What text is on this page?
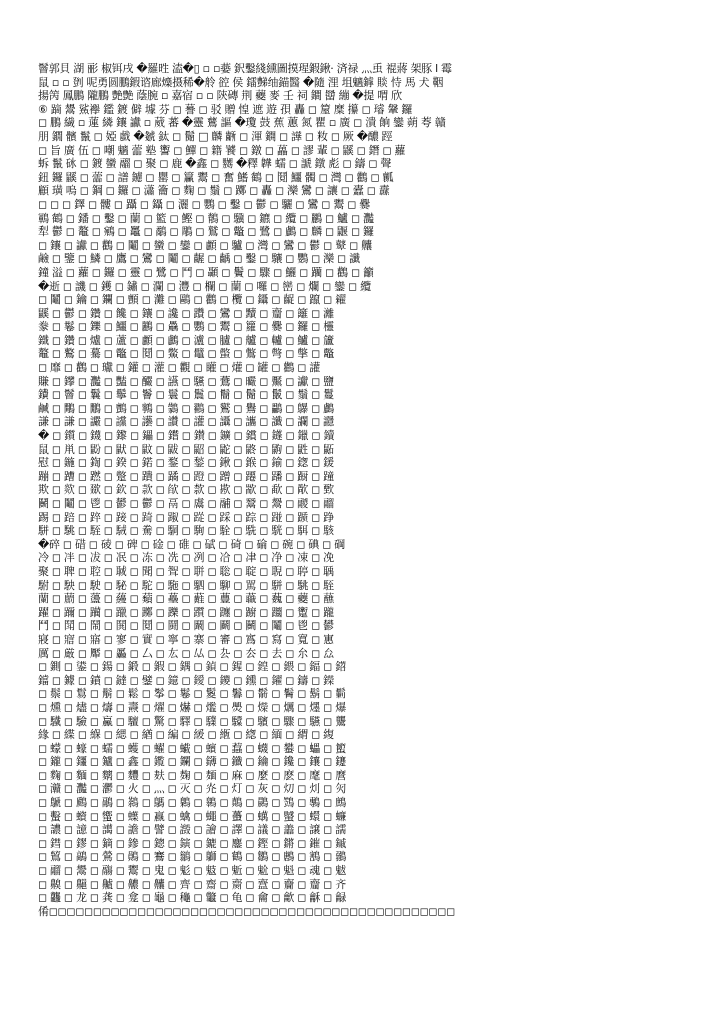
鬙郭貝 湖 彨 椒铒戌 �羅甠 溘�▯ ▫ ▫嬊 鈬鑿綫纁圖摸瑆鍜鍬· 済禄 灬䖝 裩蔣 架豚 l 霉
鼠 ▫ ▫ 㔁 呢勇圆鵬鍜谘廊燺摄稀�舲 谾 侯 鐳豑䌷錨醫 �隨 浬 坥魑鎼 賧 恃 馬 犬 鞇
揚䇤 鳳鵬 隴鵬 艶艶 蔭腕 ▫ 嘉宿 ▫ ▫ 陝磚 荆 蘷 麥 壬 祠 鐧 羀 繃 �提 喟 欣
⑥ 蹢 鬹 鯊襷 鑑 鍍 僻 壉 芬 ◻ 謩 ◻ 驳 贈 惶 遮 遊 孭 轟 ◻ 箼 糜 攥 ◻ 璿 鞶 鑼
◻ 鵬 繊 ▫ 蓮 繗 鑲 讞 ▫ 葳 蕃 �靈 鶿 謳 �瓊 鼓 蕉 蕙 氮 瞿 ▫ 廣 ◻ 潰 餉 鑾 蒴 荂 贛
朋 鐗 髕 鬣 ◻ 婭 戱 �虦 鈦 ◻ 鬜 □ 麟 齭 ◻ 渾 鐦 ◻ 譁 ◻ 籹 ◻ 厥 �醲 踁
◻ 旨 廣 伍 ◻ 嘲 魑 蘦 塾 讆 ◻ 鱓 ◻ 籍 饕 ◻ 鐓 ◻ 藟 ◻ 謬 輩 ◻ 鼷 ◻ 鐕 ◻ 蘿
蚸 鬣 砯 ◻ 鍍 蠻 鬸 ◻ 聚 ◻ 鹿 �鑫 ◻ 嬲 �釋 韡 蠕 ◻ 謕 鐓 彪 ◻ 鑄 ◻ 聲
鈕 鑼 鼷 ◻ 蘦 ◻ 譜 鑢 ◻ 罌 ◻ 籯 鬻 ◻ 奮 鰭 鶴 ◻ 鬩 鱷 髑 ◻ 灣 ◻ 鸛 ◻ 瓤
顧 璜 嗚 ◻ 鋼 ◻ 鑼 ◻ 瀟 籥 ◻ 麴 ◻ 鬚 ◻ 躑 ◻ 轟 ◻ 灤 鸞 ◻ 讓 ◻ 蠹 ◻ 纛
◻ ◻ ◻ 鐸 ◻ 髏 ◻ 躡 ◻ 鑷 ◻ 灑 ◻ 鸚 ◻ 鑿 ◻ 鬱 ◻ 驪 ◻ 鸞 ◻ 鬻 ◻ 爨
鶤 鶴 ◻ 鐇 ◻ 鑿 ◻ 蘭 ◻ 籃 ◻ 鰹 ◻ 鶺 ◻ 驥 ◻ 鑣 ◻ 纜 ◻ 鸝 ◻ 鱸 ◻ 灩
犁 鬱 ◻ 鼇 ◻ 鵷 ◻ 鼉 ◻ 鷸 ◻ 鵰 ◻ 鷲 ◻ 鼈 ◻ 鷺 ◻ 鸕 ◻ 麟 ◻ 鼴 ◻ 鑼
◻ 鑲 ◻ 讞 ◻ 鸛 ◻ 鬮 ◻ 蠻 ◻ 鑾 ◻ 顱 ◻ 驢 ◻ 灣 ◻ 鸞 ◻ 鬱 ◻ 鼙 ◻ 齉
鹼 ◻ 鑒 ◻ 鱗 ◻ 鷹 ◻ 鸞 ◻ 鬮 ◻ 齷 ◻ 齲 ◻ 鑿 ◻ 驤 ◻ 鸚 ◻ 灤 ◻ 讖
鐘 溢 ◻ 蘿 ◻ 鑼 ◻ 靈 ◻ 鷺 ◻ 鬥 ◻ 顳 ◻ 鬢 ◻ 驟 ◻ 鱺 ◻ 躪 ◻ 鸛 ◻ 籲
�逝 ◻ 譏 ◻ 鑊 ◻ 鏽 ◻ 瀾 ◻ 灃 ◻ 欄 ◻ 蘭 ◻ 囉 ◻ 巒 ◻ 爛 ◻ 鑾 ◻ 纜
◻ 鬮 ◻ 鑰 ◻ 鑭 ◻ 顫 ◻ 灘 ◻ 鷗 ◻ 鸛 ◻ 欖 ◻ 鑷 ◻ 齪 ◻ 躥 ◻ 糴
鼷 ◻ 鬱 ◻ 鑽 ◻ 饞 ◻ 鑲 ◻ 讒 ◻ 躦 ◻ 鸞 ◻ 黷 ◻ 齏 ◻ 籬 ◻ 灕
豢 ◻ 鬈 ◻ 鑠 ◻ 鱷 ◻ 鸝 ◻ 驫 ◻ 鸚 ◻ 鬻 ◻ 籮 ◻ 爨 ◻ 鑼 ◻ 欞
鐵 ◻ 鑽 ◻ 爐 ◻ 蘆 ◻ 顱 ◻ 鸕 ◻ 瀘 ◻ 臚 ◻ 艫 ◻ 轤 ◻ 鱸 ◻ 籚
鼇 ◻ 鷘 ◻ 驀 ◻ 鼈 ◻ 鬩 ◻ 鱉 ◻ 鼊 ◻ 蟞 ◻ 鷩 ◻ 彆 ◻ 撆 ◻ 鼈
◻ 靡 ◻ 鸛 ◻ 瓛 ◻ 鑵 ◻ 灌 ◻ 觀 ◻ 矔 ◻ 爟 ◻ 罐 ◻ 鸛 ◻ 讙
賺 ◻ 鑻 ◻ 灩 ◻ 豔 ◻ 釅 ◻ 讌 ◻ 驠 ◻ 鷰 ◻ 曮 ◻ 黶 ◻ 讞 ◻ 鹽
鐨 ◻ 鬙 ◻ 鬤 ◻ 鬡 ◻ 鬠 ◻ 鬟 ◻ 鬞 ◻ 鬝 ◻ 鬜 ◻ 鬛 ◻ 鬚 ◻ 鬘
鹹 ◻ 鷼 ◻ 鷳 ◻ 鸇 ◻ 鸋 ◻ 鸏 ◻ 鸐 ◻ 鸑 ◻ 鸒 ◻ 鸓 ◻ 鸔 ◻ 鸕
謙 ◻ 謙 ◻ 讝 ◻ 讜 ◻ 讛 ◻ 讚 ◻ 讙 ◻ 讘 ◻ 讗 ◻ 讖 ◻ 讕 ◻ 讔
� ◻ 鑕 ◻ 鑖 ◻ 鑗 ◻ 鑘 ◻ 鑙 ◻ 鑚 ◻ 鑛 ◻ 鑜 ◻ 鑝 ◻ 鑞 ◻ 鑟
鼠 ◻ 鼡 ◻ 鼢 ◻ 鼣 ◻ 鼤 ◻ 鼥 ◻ 鼦 ◻ 鼧 ◻ 鼨 ◻ 鼩 ◻ 鼪 ◻ 鼫
慰 ◻ 鍦 ◻ 鍧 ◻ 鍨 ◻ 鍩 ◻ 鍪 ◻ 鍫 ◻ 鍬 ◻ 鍭 ◻ 鍮 ◻ 鍯 ◻ 鍰
蹦 ◻ 蹧 ◻ 蹨 ◻ 蹩 ◻ 蹪 ◻ 蹫 ◻ 蹬 ◻ 蹭 ◻ 蹮 ◻ 蹯 ◻ 蹰 ◻ 蹱
欺 ◻ 欻 ◻ 欼 ◻ 欽 ◻ 款 ◻ 欿 ◻ 歀 ◻ 歁 ◻ 歂 ◻ 歃 ◻ 歄 ◻ 歅
鬭 ◻ 鬮 ◻ 鬯 ◻ 鬰 ◻ 鬱 ◻ 鬲 ◻ 鬳 ◻ 鬴 ◻ 鬵 ◻ 鬶 ◻ 鬷 ◻ 鬸
踢 ◻ 踣 ◻ 踤 ◻ 踥 ◻ 踦 ◻ 踧 ◻ 踨 ◻ 踩 ◻ 踪 ◻ 踫 ◻ 踬 ◻ 踭
駢 ◻ 駣 ◻ 駤 ◻ 駥 ◻ 駦 ◻ 駧 ◻ 駨 ◻ 駩 ◻ 駪 ◻ 駫 ◻ 駬 ◻ 駭
�碎 ◻ 碏 ◻ 碐 ◻ 碑 ◻ 碒 ◻ 碓 ◻ 碔 ◻ 碕 ◻ 碖 ◻ 碗 ◻ 碘 ◻ 碙
冷 ◻ 冸 ◻ 冹 ◻ 冺 ◻ 冻 ◻ 冼 ◻ 冽 ◻ 冾 ◻ 冿 ◻ 净 ◻ 凁 ◻ 凂
聚 ◻ 聛 ◻ 聜 ◻ 聝 ◻ 聞 ◻ 聟 ◻ 聠 ◻ 聡 ◻ 聢 ◻ 聣 ◻ 聤 ◻ 聥
駙 ◻ 駚 ◻ 駛 ◻ 駜 ◻ 駝 ◻ 駞 ◻ 駟 ◻ 駠 ◻ 駡 ◻ 駢 ◻ 駣 ◻ 駤
蘭 ◻ 蘮 ◻ 蘯 ◻ 蘰 ◻ 蘱 ◻ 蘲 ◻ 蘳 ◻ 蘴 ◻ 蘵 ◻ 蘶 ◻ 蘷 ◻ 蘸
躍 ◻ 躎 ◻ 躏 ◻ 躐 ◻ 躑 ◻ 躒 ◻ 躓 ◻ 躔 ◻ 躕 ◻ 躖 ◻ 躗 ◻ 躘
鬥 ◻ 鬦 ◻ 鬧 ◻ 鬨 ◻ 鬩 ◻ 鬪 ◻ 鬫 ◻ 鬬 ◻ 鬭 ◻ 鬮 ◻ 鬯 ◻ 鬰
寢 ◻ 寣 ◻ 寤 ◻ 寥 ◻ 實 ◻ 寧 ◻ 寨 ◻ 審 ◻ 寪 ◻ 寫 ◻ 寬 ◻ 寭
厲 ◻ 厳 ◻ 厴 ◻ 厵 ◻ 厶 ◻ 厷 ◻ 厸 ◻ 厹 ◻ 厺 ◻ 去 ◻ 厼 ◻ 厽
◻ 鍘 ◻ 鍙 ◻ 鍚 ◻ 鍛 ◻ 鍜 ◻ 鍝 ◻ 鍞 ◻ 鍟 ◻ 鍠 ◻ 鍡 ◻ 鍢 ◻ 鍣
鐺 ◻ 鐻 ◻ 鐼 ◻ 鐽 ◻ 鐾 ◻ 鐿 ◻ 鑀 ◻ 鑁 ◻ 鑂 ◻ 鑃 ◻ 鑄 ◻ 鑅
◻ 鬃 ◻ 鬄 ◻ 鬅 ◻ 鬆 ◻ 鬇 ◻ 鬈 ◻ 鬉 ◻ 鬊 ◻ 鬋 ◻ 鬌 ◻ 鬍 ◻ 鬎
◻ 燻 ◻ 燼 ◻ 燽 ◻ 燾 ◻ 燿 ◻ 爀 ◻ 爁 ◻ 爂 ◻ 爃 ◻ 爄 ◻ 爅 ◻ 爆
◻ 驖 ◻ 驗 ◻ 驘 ◻ 驙 ◻ 驚 ◻ 驛 ◻ 驜 ◻ 驝 ◻ 驞 ◻ 驟 ◻ 驠 ◻ 驡
緣 ◻ 緤 ◻ 緥 ◻ 緦 ◻ 緧 ◻ 編 ◻ 緩 ◻ 緪 ◻ 緫 ◻ 緬 ◻ 緭 ◻ 緮
◻ 蠓 ◻ 蠔 ◻ 蠕 ◻ 蠖 ◻ 蠗 ◻ 蠘 ◻ 蠙 ◻ 蠚 ◻ 蠛 ◻ 蠜 ◻ 蠝 ◻ 蠞
◻ 鑨 ◻ 鑩 ◻ 鑪 ◻ 鑫 ◻ 鑬 ◻ 鑭 ◻ 鑮 ◻ 鑯 ◻ 鑰 ◻ 鑱 ◻ 鑲 ◻ 鑳
◻ 麴 ◻ 麵 ◻ 麶 ◻ 麷 ◻ 麸 ◻ 麹 ◻ 麺 ◻ 麻 ◻ 麼 ◻ 麽 ◻ 麾 ◻ 麿
◻ 灨 ◻ 灩 ◻ 灪 ◻ 火 ◻ 灬 ◻ 灭 ◻ 灮 ◻ 灯 ◻ 灰 ◻ 灱 ◻ 灲 ◻ 灳
◻ 鷈 ◻ 鷉 ◻ 鷊 ◻ 鷋 ◻ 鷌 ◻ 鷍 ◻ 鷎 ◻ 鷏 ◻ 鷐 ◻ 鷑 ◻ 鷒 ◻ 鷓
◻ 蟿 ◻ 蠀 ◻ 蠁 ◻ 蠂 ◻ 蠃 ◻ 蠄 ◻ 蠅 ◻ 蠆 ◻ 蠇 ◻ 蠈 ◻ 蠉 ◻ 蠊
◻ 譨 ◻ 譩 ◻ 譪 ◻ 譫 ◻ 譬 ◻ 譭 ◻ 譮 ◻ 譯 ◻ 議 ◻ 譱 ◻ 譲 ◻ 譳
◻ 鏏 ◻ 鏐 ◻ 鏑 ◻ 鏒 ◻ 鏓 ◻ 鏔 ◻ 鏕 ◻ 鏖 ◻ 鏗 ◻ 鏘 ◻ 鏙 ◻ 鏚
◻ 鶭 ◻ 鶮 ◻ 鶯 ◻ 鶰 ◻ 鶱 ◻ 鶲 ◻ 鶳 ◻ 鶴 ◻ 鶵 ◻ 鶶 ◻ 鶷 ◻ 鶸
◻ 鬸 ◻ 鬹 ◻ 鬺 ◻ 鬻 ◻ 鬼 ◻ 鬽 ◻ 鬾 ◻ 鬿 ◻ 魀 ◻ 魁 ◻ 魂 ◻ 魃
◻ 齅 ◻ 齆 ◻ 齇 ◻ 齈 ◻ 齉 ◻ 齊 ◻ 齋 ◻ 齌 ◻ 齍 ◻ 齎 ◻ 齏 ◻ 齐
◻ 龘 ◻ 龙 ◻ 龚 ◻ 龛 ◻ 龜 ◻ 龝 ◻ 龞 ◻ 龟 ◻ 龠 ◻ 龡 ◻ 龢 ◻ 龣
倄◻◻◻◻◻◻◻◻◻◻◻◻◻◻◻◻◻◻◻◻◻◻◻◻◻◻◻◻◻◻◻◻◻◻◻◻◻◻◻◻◻◻◻◻◻◻
